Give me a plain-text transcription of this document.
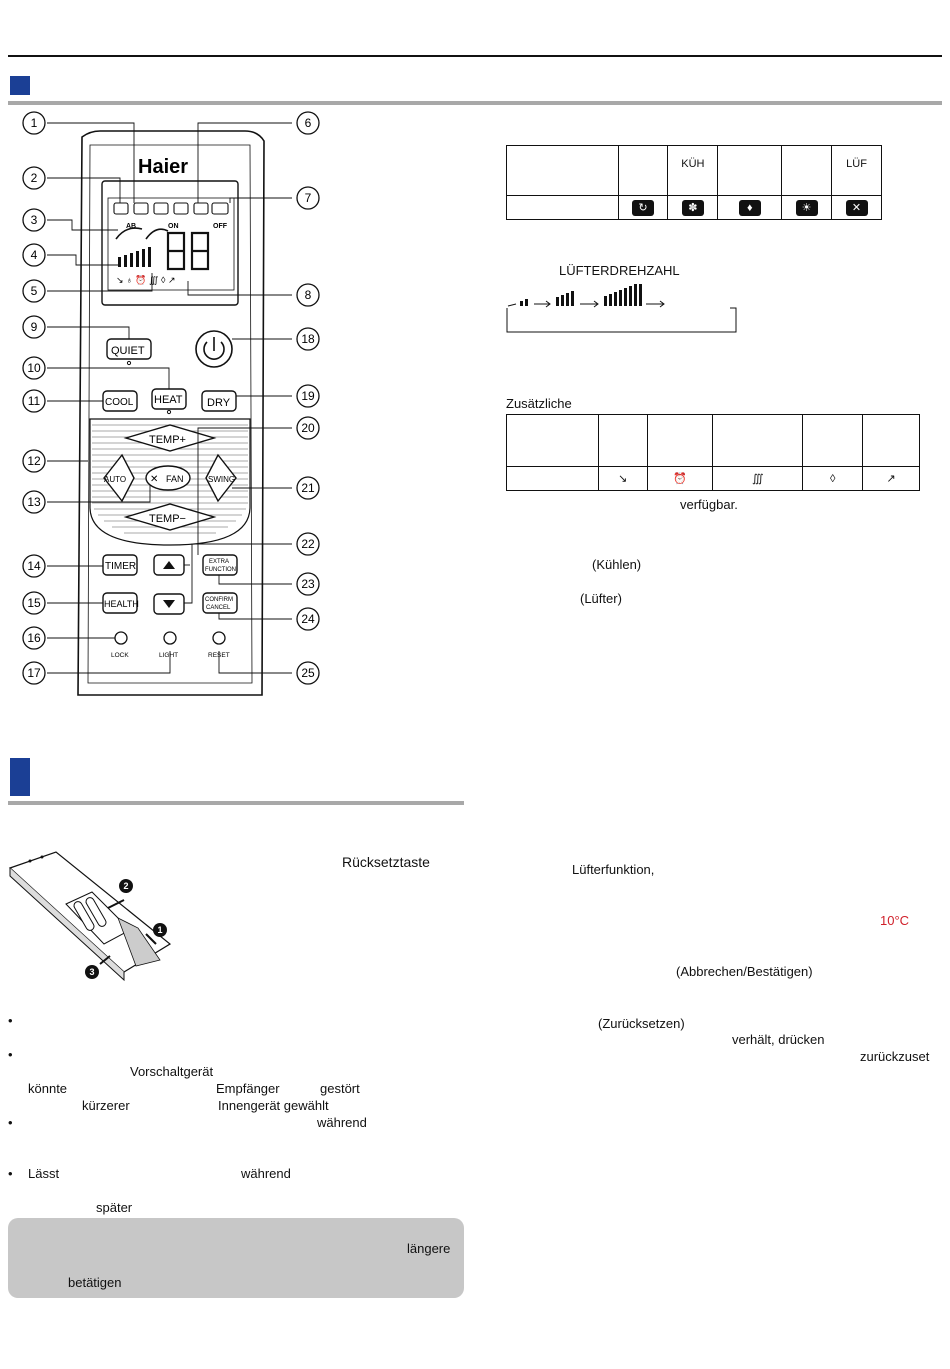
AB	ON	OFF
↘ ♁ ⏰ ∭ ◊ ↗
Haier
QUIET
COOL HEAT DRY
TEMP+
TEMP−
AUTO	SWING
✕ FAN
TIMER	EXTRA
FUNCTION
HEALTH	CONFIRM
CANCEL
LOCK	LIGHT	RESET
1
2
3
4
5
9
10
11
12
13
14
15
16
17
6
7
8
18
19
20
21
22
23
24
25
		KÜH			LÜF
	↻	✽	♦	☀	✕
LÜFTERDREHZAHL
Zusätzliche

	↘	⏰	∭	◊	↗
verfügbar.
(Kühlen)
(Lüfter)
Lüfterfunktion,
10°C
(Abbrechen/Bestätigen)
(Zurücksetzen)
verhält, drücken
zurückzuset
2
1
3
Rücksetztaste
•
•
Vorschaltgerät
könnte	Empfänger	gestört
kürzerer	Innengerät gewählt
•	während
• Lässt	während
später
längere
betätigen
